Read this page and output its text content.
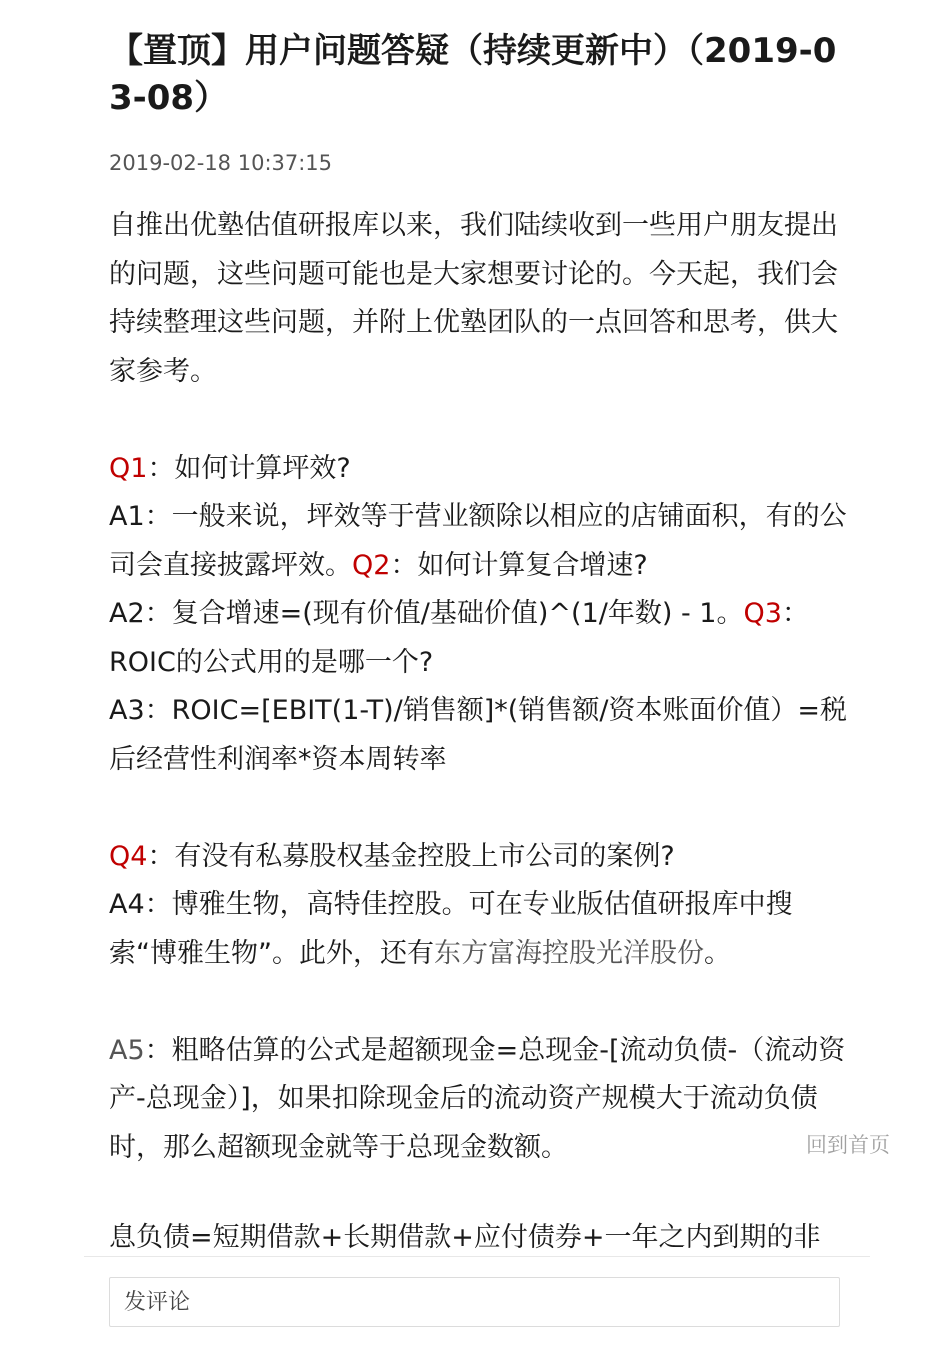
【置顶】用户问题答疑（持续更新中）（2019-03-08）
2019-02-18 10:37:15

自推出优塾估值研报库以来，我们陆续收到一些用户朋友提出的问题，这些问题可能也是大家想要讨论的。今天起，我们会持续整理这些问题，并附上优塾团队的一点回答和思考，供大家参考。

Q1：如何计算坪效?

A1：一般来说，坪效等于营业额除以相应的店铺面积，有的公司会直接披露坪效。Q2：如何计算复合增速?

A2：复合增速=(现有价值/基础价值)^(1/年数) - 1。Q3：ROIC的公式用的是哪一个?

A3：ROIC=[EBIT(1-T)/销售额]*(销售额/资本账面价值）=税后经营性利润率*资本周转率

Q4：有没有私募股权基金控股上市公司的案例?

A4：博雅生物，高特佳控股。可在专业版估值研报库中搜索“博雅生物”。此外，还有东方富海控股光洋股份。

A5：粗略估算的公式是超额现金=总现金-[流动负债-（流动资产-总现金）]，如果扣除现金后的流动资产规模大于流动负债时，那么超额现金就等于总现金数额。

息负债=短期借款+长期借款+应付债券+一年之内到期的非
回到首页
发评论
